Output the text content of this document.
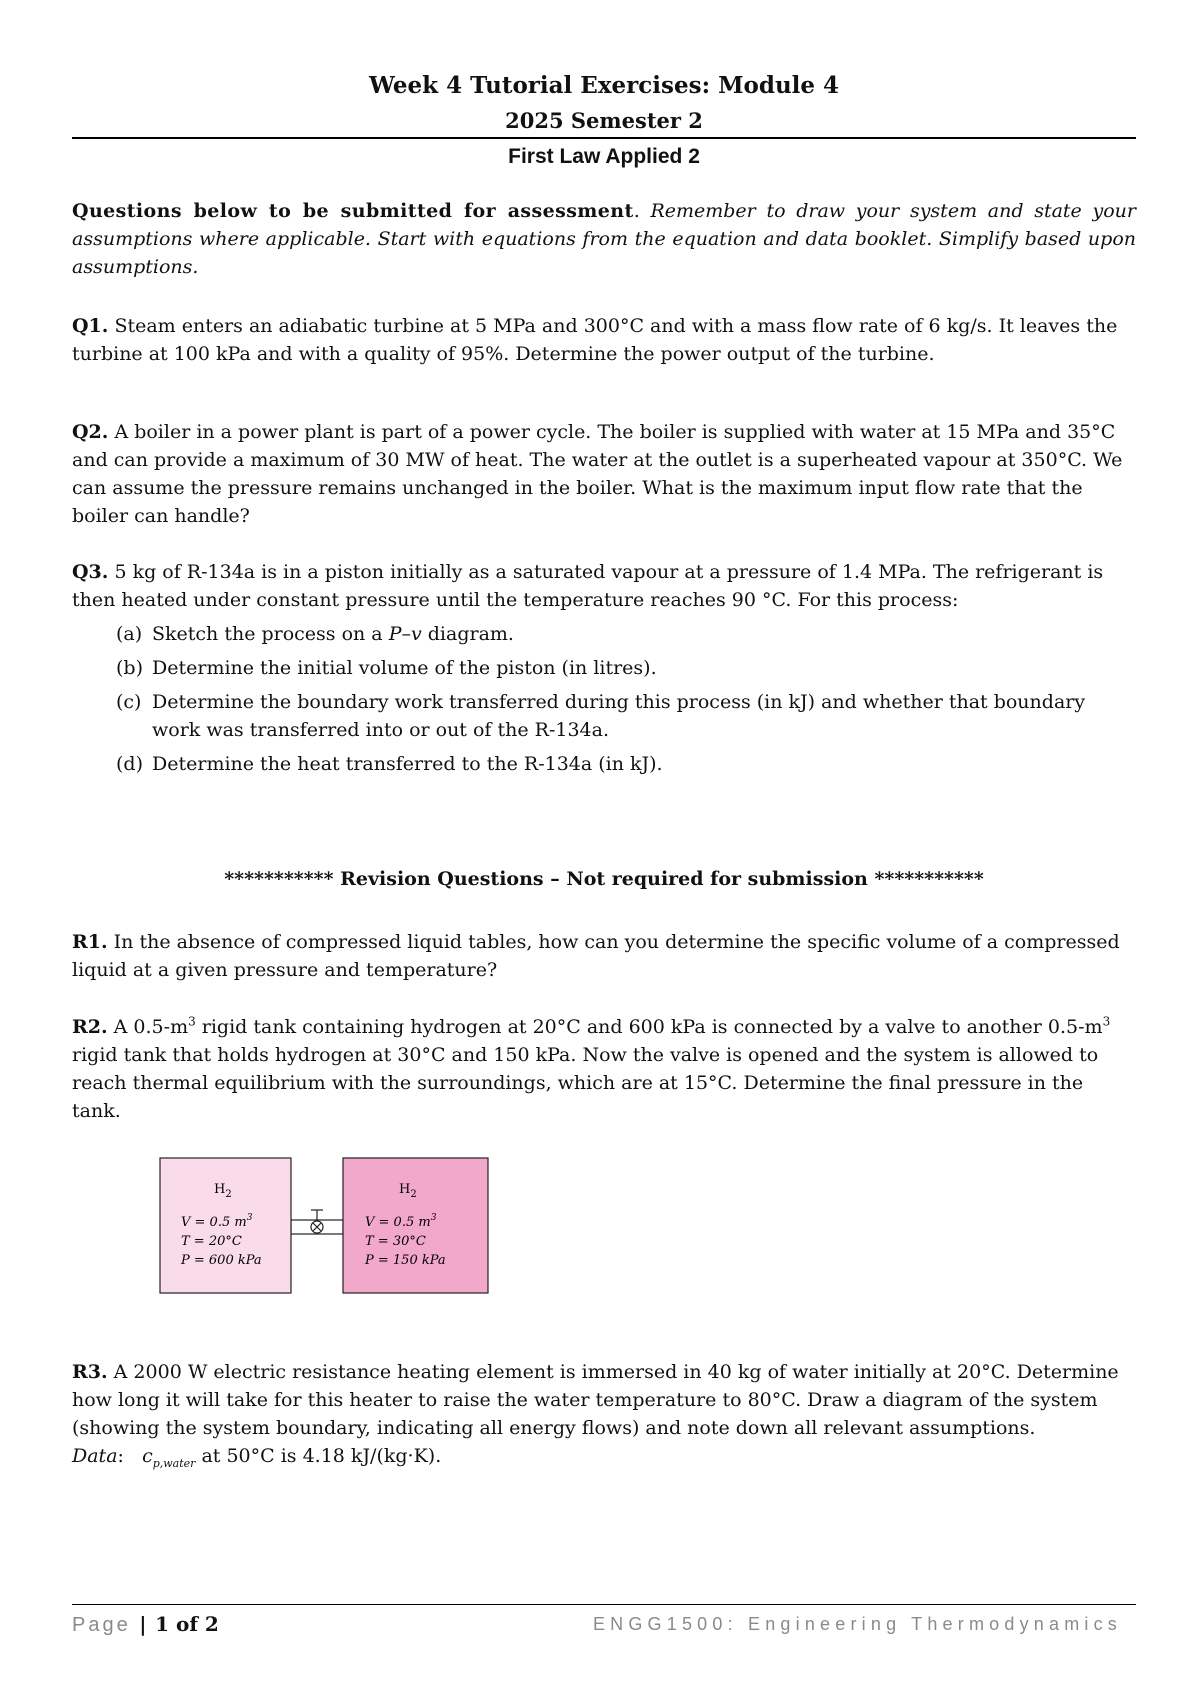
Week 4 Tutorial Exercises: Module 4
2025 Semester 2
First Law Applied 2
Questions below to be submitted for assessment. Remember to draw your system and state your assumptions where applicable. Start with equations from the equation and data booklet. Simplify based upon assumptions.
Q1. Steam enters an adiabatic turbine at 5 MPa and 300°C and with a mass flow rate of 6 kg/s. It leaves the turbine at 100 kPa and with a quality of 95%. Determine the power output of the turbine.
Q2. A boiler in a power plant is part of a power cycle. The boiler is supplied with water at 15 MPa and 35°C and can provide a maximum of 30 MW of heat. The water at the outlet is a superheated vapour at 350°C. We can assume the pressure remains unchanged in the boiler. What is the maximum input flow rate that the boiler can handle?
Q3. 5 kg of R-134a is in a piston initially as a saturated vapour at a pressure of 1.4 MPa. The refrigerant is then heated under constant pressure until the temperature reaches 90 °C. For this process:
(a) Sketch the process on a P–v diagram.
(b) Determine the initial volume of the piston (in litres).
(c) Determine the boundary work transferred during this process (in kJ) and whether that boundary work was transferred into or out of the R-134a.
(d) Determine the heat transferred to the R-134a (in kJ).
*********** Revision Questions – Not required for submission ***********
R1. In the absence of compressed liquid tables, how can you determine the specific volume of a compressed liquid at a given pressure and temperature?
R2. A $0.5-m^3$ rigid tank containing hydrogen at 20°C and 600 kPa is connected by a valve to another $0.5-m^3$ rigid tank that holds hydrogen at 30°C and 150 kPa. Now the valve is opened and the system is allowed to reach thermal equilibrium with the surroundings, which are at 15°C. Determine the final pressure in the tank.
$H_2$
V = 0.5 $m^3$
T = 20°C
P = 600 kPa
$H_2$
V = 0.5 $m^3$
T = 30°C
P = 150 kPa
R3. A 2000 W electric resistance heating element is immersed in 40 kg of water initially at 20°C. Determine how long it will take for this heater to raise the water temperature to 80°C. Draw a diagram of the system (showing the system boundary, indicating all energy flows) and note down all relevant assumptions.
Data: $c_{p,water}$ at 50°C is 4.18 kJ/(kg·K).
Page | 1 of 2	ENGG1500: Engineering Thermodynamics
